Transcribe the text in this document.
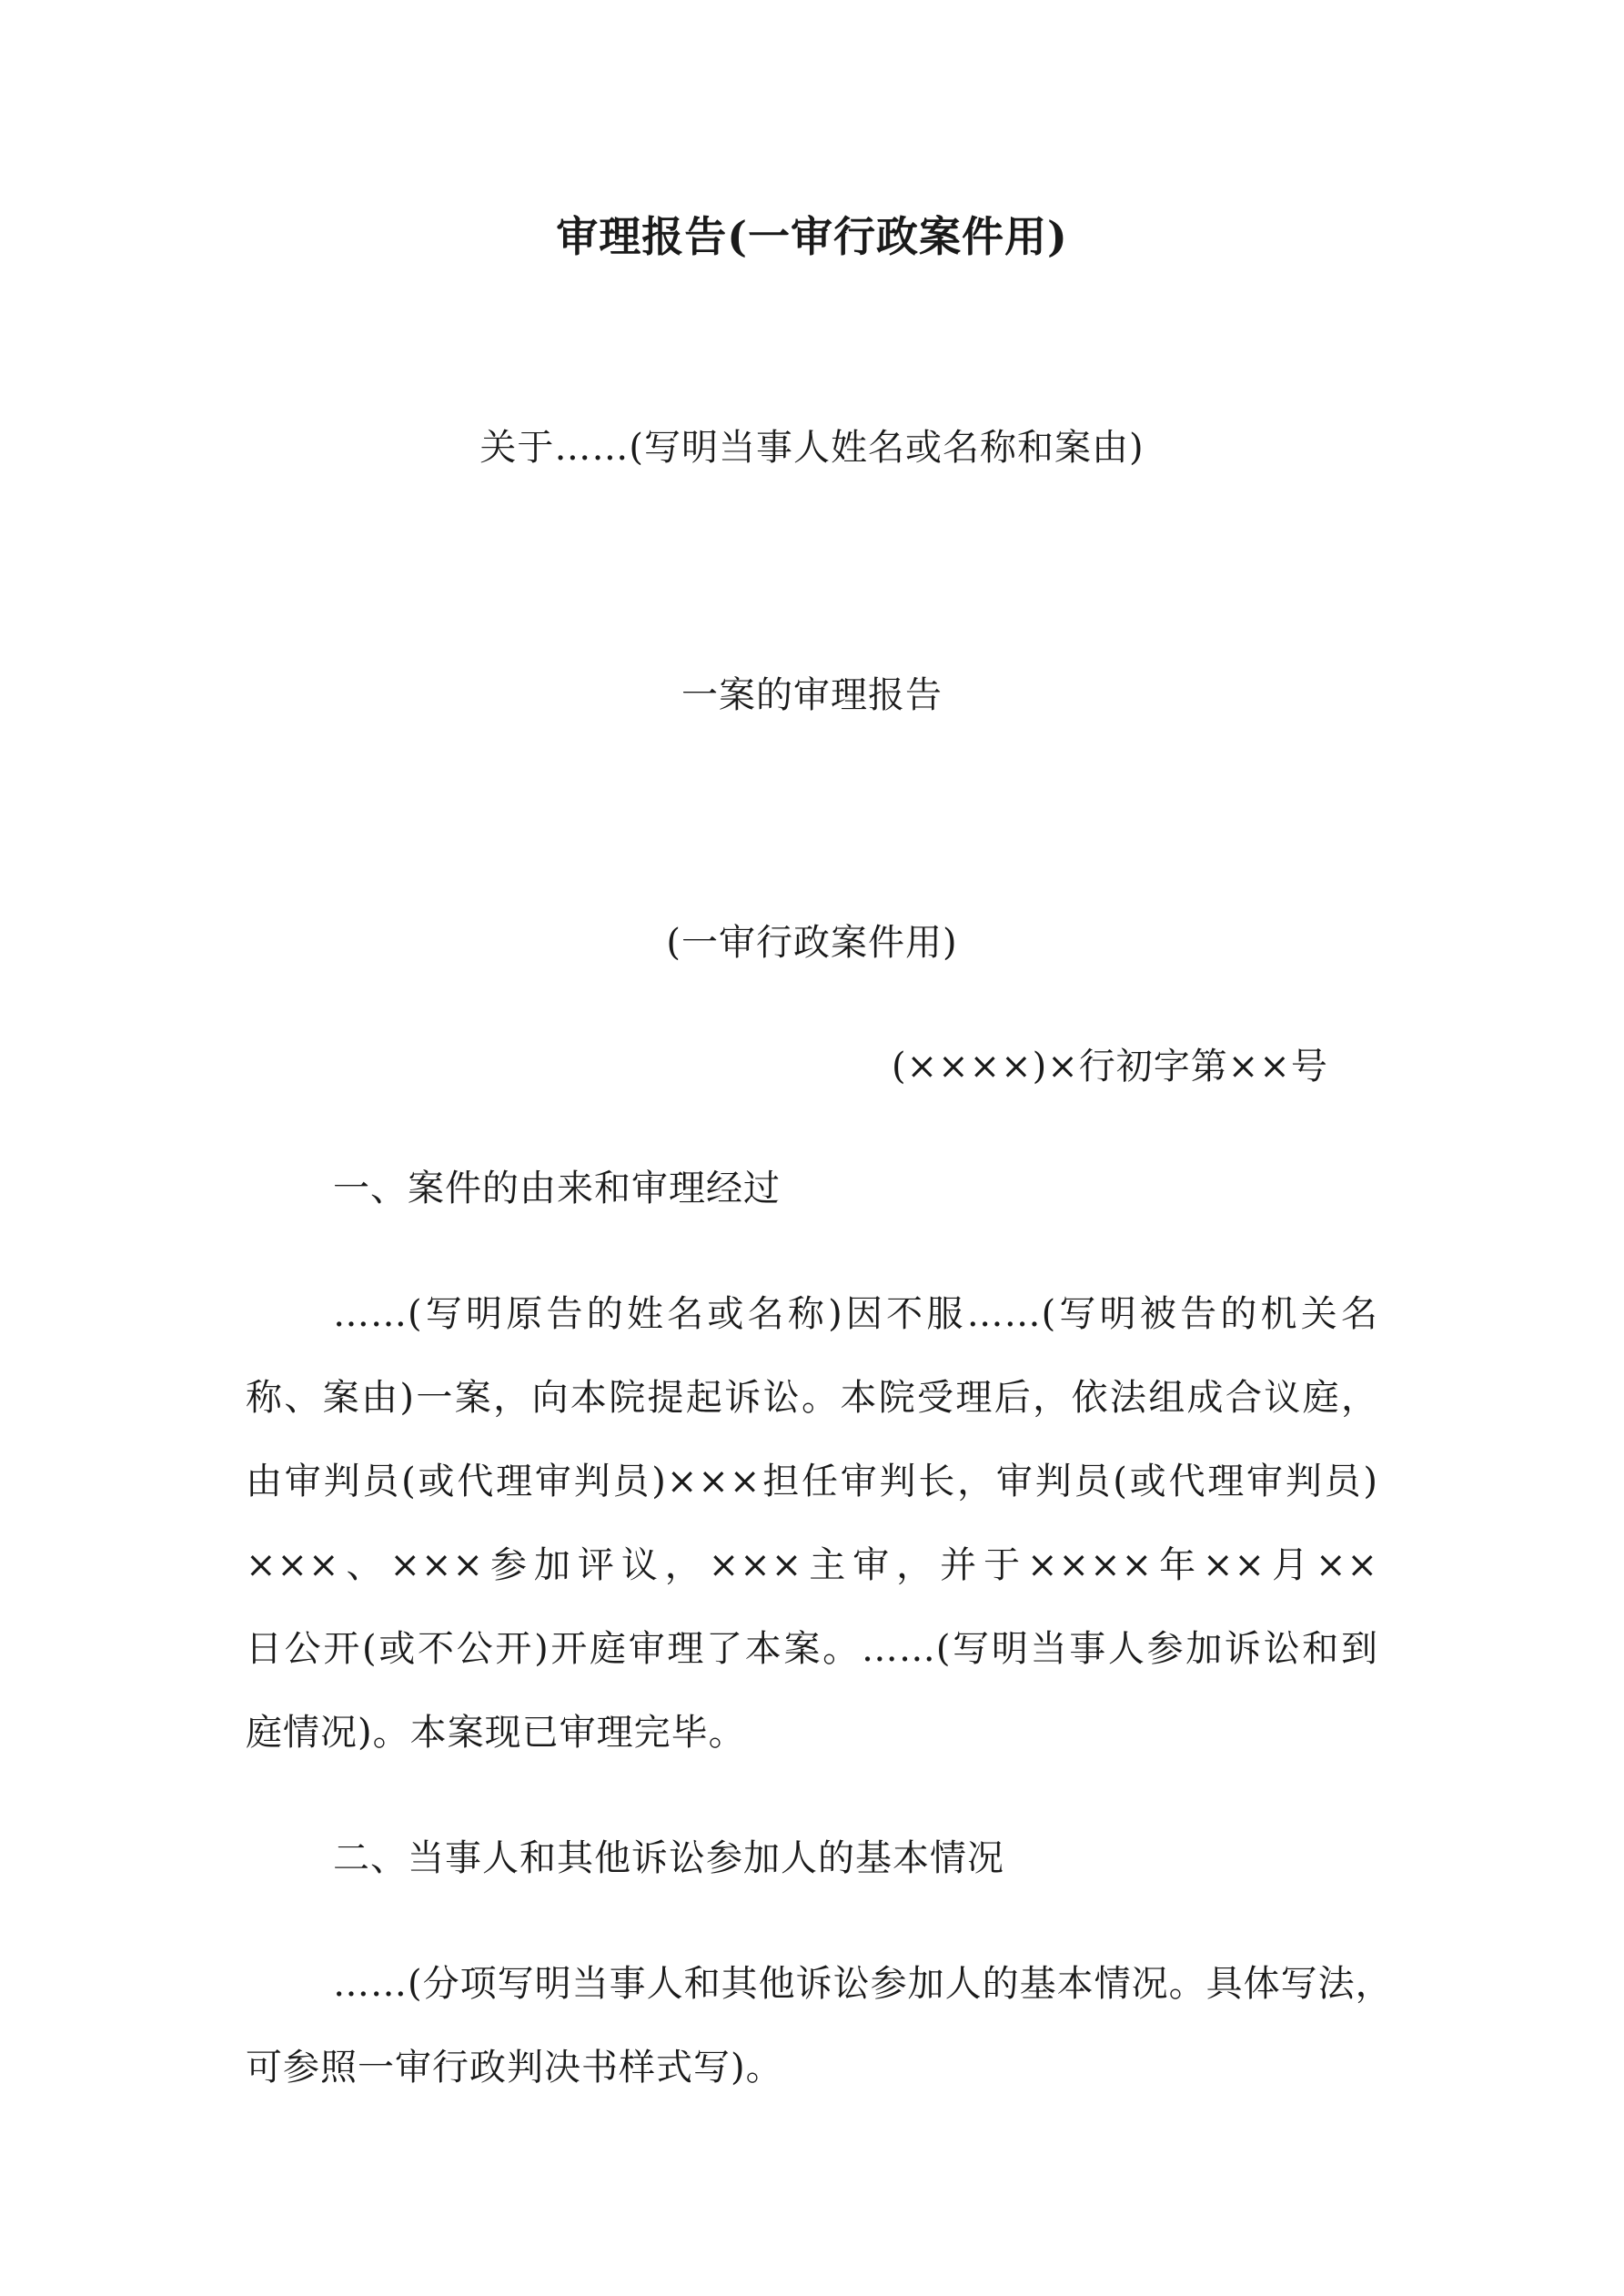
审理报告(一审行政案件用)
关于……(写明当事人姓名或名称和案由)
一案的审理报告
(一审行政案件用)
(××××)×行初字第××号
一、案件的由来和审理经过
……(写明原告的姓名或名称)因不服……(写明被告的机关名
称、案由)一案，向本院提起诉讼。本院受理后，依法组成合议庭，
由审判员(或代理审判员)×××担任审判长，审判员(或代理审判员)
×××、×××参加评议，×××主审，并于××××年××月××
日公开(或不公开)开庭审理了本案。……(写明当事人参加诉讼和到
庭情况)。本案现已审理完毕。
二、当事人和其他诉讼参加人的基本情况
……(分项写明当事人和其他诉讼参加人的基本情况。具体写法，
可参照一审行政判决书样式写)。
